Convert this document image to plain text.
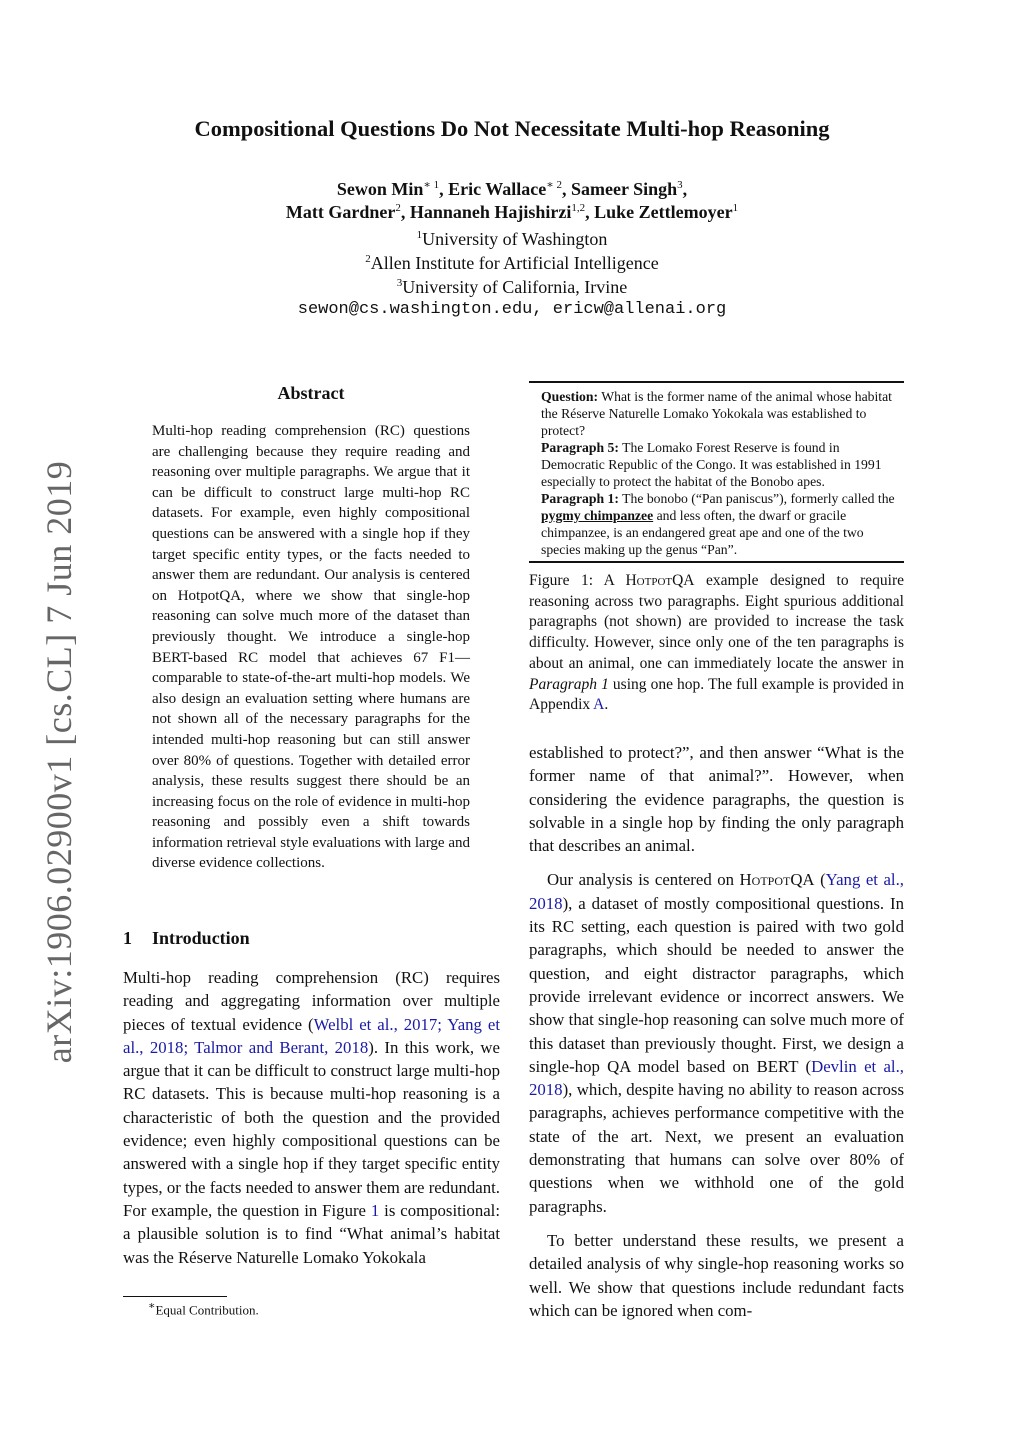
arXiv:1906.02900v1 [cs.CL] 7 Jun 2019
Compositional Questions Do Not Necessitate Multi-hop Reasoning
Sewon Min$^{∗ 1}$, Eric Wallace$^{∗ 2}$, Sameer Singh$^3$,
Matt Gardner$^2$, Hannaneh Hajishirzi$^{1,2}$, Luke Zettlemoyer$^1$
$^1$University of Washington
$^2$Allen Institute for Artificial Intelligence
$^3$University of California, Irvine
sewon@cs.washington.edu, ericw@allenai.org
Abstract
Multi-hop reading comprehension (RC) questions are challenging because they require reading and reasoning over multiple paragraphs. We argue that it can be difficult to construct large multi-hop RC datasets. For example, even highly compositional questions can be answered with a single hop if they target specific entity types, or the facts needed to answer them are redundant. Our analysis is centered on HotpotQA, where we show that single-hop reasoning can solve much more of the dataset than previously thought. We introduce a single-hop BERT-based RC model that achieves 67 F1—comparable to state-of-the-art multi-hop models. We also design an evaluation setting where humans are not shown all of the necessary paragraphs for the intended multi-hop reasoning but can still answer over 80% of questions. Together with detailed error analysis, these results suggest there should be an increasing focus on the role of evidence in multi-hop reasoning and possibly even a shift towards information retrieval style evaluations with large and diverse evidence collections.
1 Introduction
Multi-hop reading comprehension (RC) requires reading and aggregating information over multiple pieces of textual evidence (Welbl et al., 2017; Yang et al., 2018; Talmor and Berant, 2018). In this work, we argue that it can be difficult to construct large multi-hop RC datasets. This is because multi-hop reasoning is a characteristic of both the question and the provided evidence; even highly compositional questions can be answered with a single hop if they target specific entity types, or the facts needed to answer them are redundant. For example, the question in Figure 1 is compositional: a plausible solution is to find “What animal’s habitat was the Réserve Naturelle Lomako Yokokala
∗Equal Contribution.
Question: What is the former name of the animal whose habitat the Réserve Naturelle Lomako Yokokala was established to protect?
Paragraph 5: The Lomako Forest Reserve is found in Democratic Republic of the Congo. It was established in 1991 especially to protect the habitat of the Bonobo apes.
Paragraph 1: The bonobo (“Pan paniscus”), formerly called the pygmy chimpanzee and less often, the dwarf or gracile chimpanzee, is an endangered great ape and one of the two species making up the genus “Pan”.
Figure 1: A HotpotQA example designed to require reasoning across two paragraphs. Eight spurious additional paragraphs (not shown) are provided to increase the task difficulty. However, since only one of the ten paragraphs is about an animal, one can immediately locate the answer in Paragraph 1 using one hop. The full example is provided in Appendix A.

established to protect?”, and then answer “What is the former name of that animal?”. However, when considering the evidence paragraphs, the question is solvable in a single hop by finding the only paragraph that describes an animal.

Our analysis is centered on HotpotQA (Yang et al., 2018), a dataset of mostly compositional questions. In its RC setting, each question is paired with two gold paragraphs, which should be needed to answer the question, and eight distractor paragraphs, which provide irrelevant evidence or incorrect answers. We show that single-hop reasoning can solve much more of this dataset than previously thought. First, we design a single-hop QA model based on BERT (Devlin et al., 2018), which, despite having no ability to reason across paragraphs, achieves performance competitive with the state of the art. Next, we present an evaluation demonstrating that humans can solve over 80% of questions when we withhold one of the gold paragraphs.

To better understand these results, we present a detailed analysis of why single-hop reasoning works so well. We show that questions include redundant facts which can be ignored when com-
